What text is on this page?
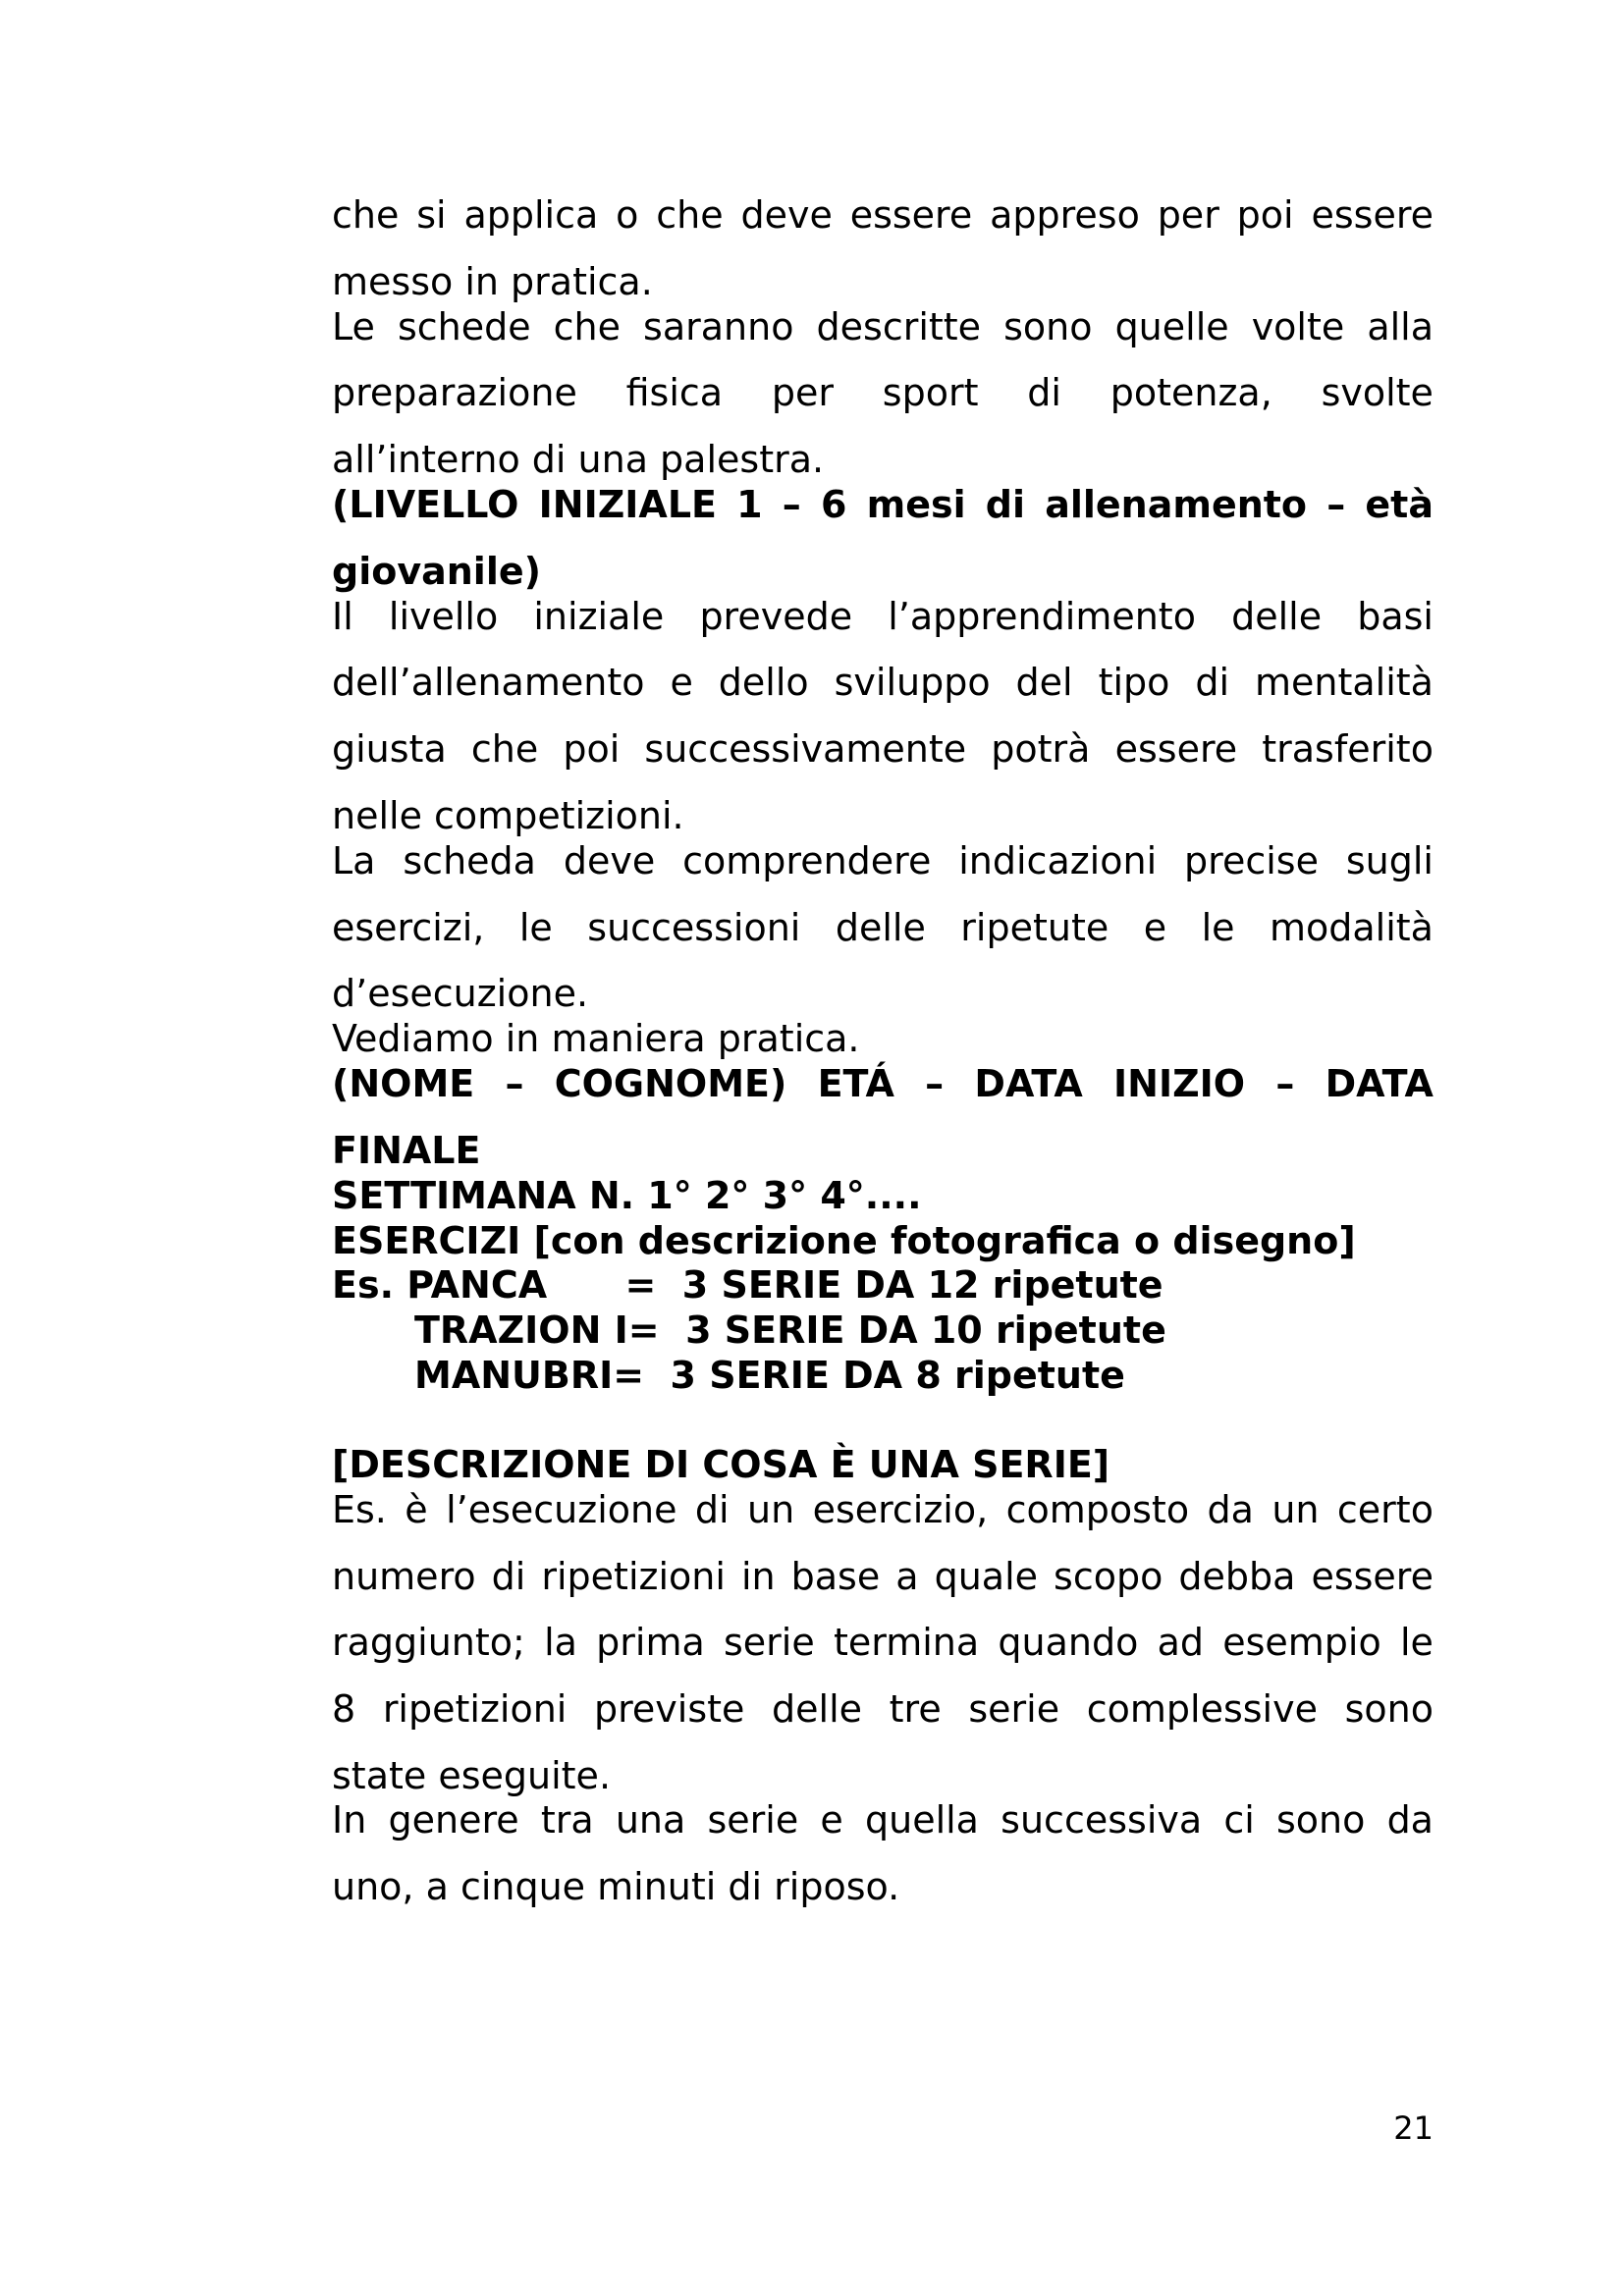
che si applica o che deve essere appreso per poi essere

messo in pratica.

Le schede che saranno descritte sono quelle volte alla

preparazione fisica per sport di potenza, svolte

all’interno di una palestra.

(LIVELLO INIZIALE 1 – 6 mesi di allenamento – età

giovanile)

Il livello iniziale prevede l’apprendimento delle basi

dell’allenamento e dello sviluppo del tipo di mentalità

giusta che poi successivamente potrà essere trasferito

nelle competizioni.

La scheda deve comprendere indicazioni precise sugli

esercizi, le successioni delle ripetute e le modalità

d’esecuzione.

Vediamo in maniera pratica.

(NOME – COGNOME) ETÁ – DATA INIZIO – DATA

FINALE

SETTIMANA N. 1° 2° 3° 4°....

ESERCIZI [con descrizione fotografica o disegno]

Es. PANCA      =  3 SERIE DA 12 ripetute

TRAZION I=  3 SERIE DA 10 ripetute

MANUBRI=  3 SERIE DA 8 ripetute

[DESCRIZIONE DI COSA È UNA SERIE]

Es. è l’esecuzione di un esercizio, composto da un certo

numero di ripetizioni in base a quale scopo debba essere

raggiunto; la prima serie termina quando ad esempio le

8 ripetizioni previste delle tre serie complessive sono

state eseguite.

In genere tra una serie e quella successiva ci sono da

uno, a cinque minuti di riposo.

21
